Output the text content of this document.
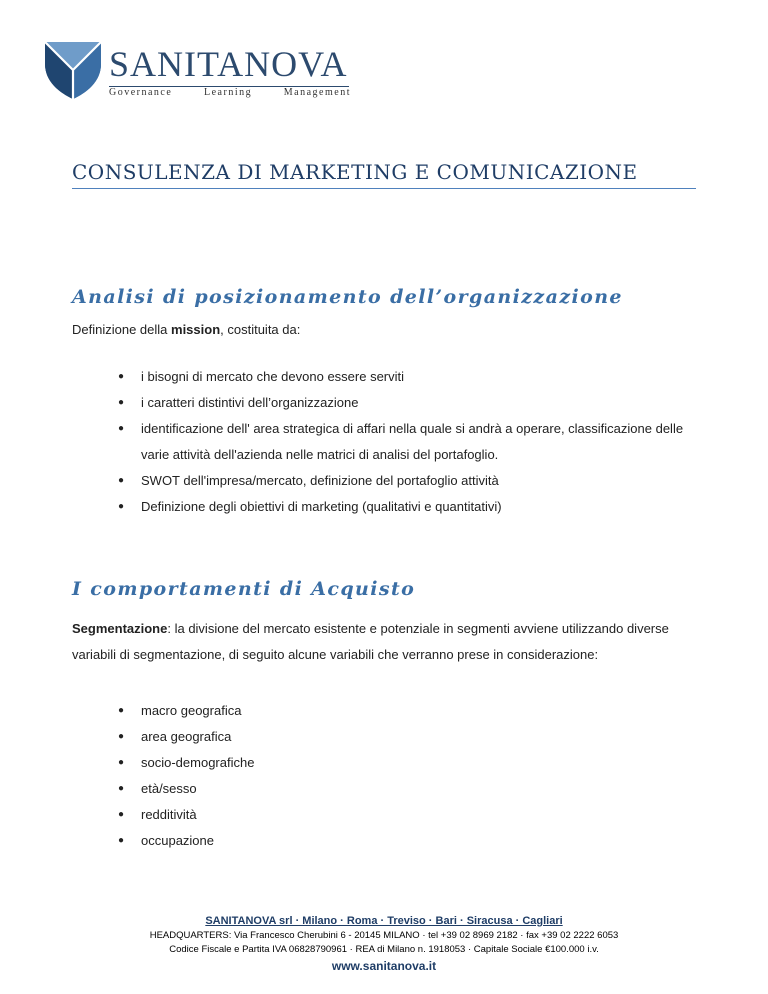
SANITANOVA
Governance	Learning	Management
CONSULENZA DI MARKETING E COMUNICAZIONE
Analisi di posizionamento dell’organizzazione

Definizione della mission, costituita da:

● i bisogni di mercato che devono essere serviti
● i caratteri distintivi dell’organizzazione
● identificazione dell' area strategica di affari nella quale si andrà a operare, classificazione delle varie attività dell'azienda nelle matrici di analisi del portafoglio.
● SWOT dell'impresa/mercato, definizione del portafoglio attività
● Definizione degli obiettivi di marketing (qualitativi e quantitativi)
I comportamenti di Acquisto

Segmentazione: la divisione del mercato esistente e potenziale in segmenti avviene utilizzando diverse variabili di segmentazione, di seguito alcune variabili che verranno prese in considerazione:

● macro geografica
● area geografica
● socio-demografiche
● età/sesso
● redditività
● occupazione
SANITANOVA srl · Milano · Roma · Treviso · Bari · Siracusa · Cagliari
HEADQUARTERS: Via Francesco Cherubini 6 - 20145 MILANO · tel +39 02 8969 2182 · fax +39 02 2222 6053
Codice Fiscale e Partita IVA 06828790961 · REA di Milano n. 1918053 · Capitale Sociale €100.000 i.v.
www.sanitanova.it
